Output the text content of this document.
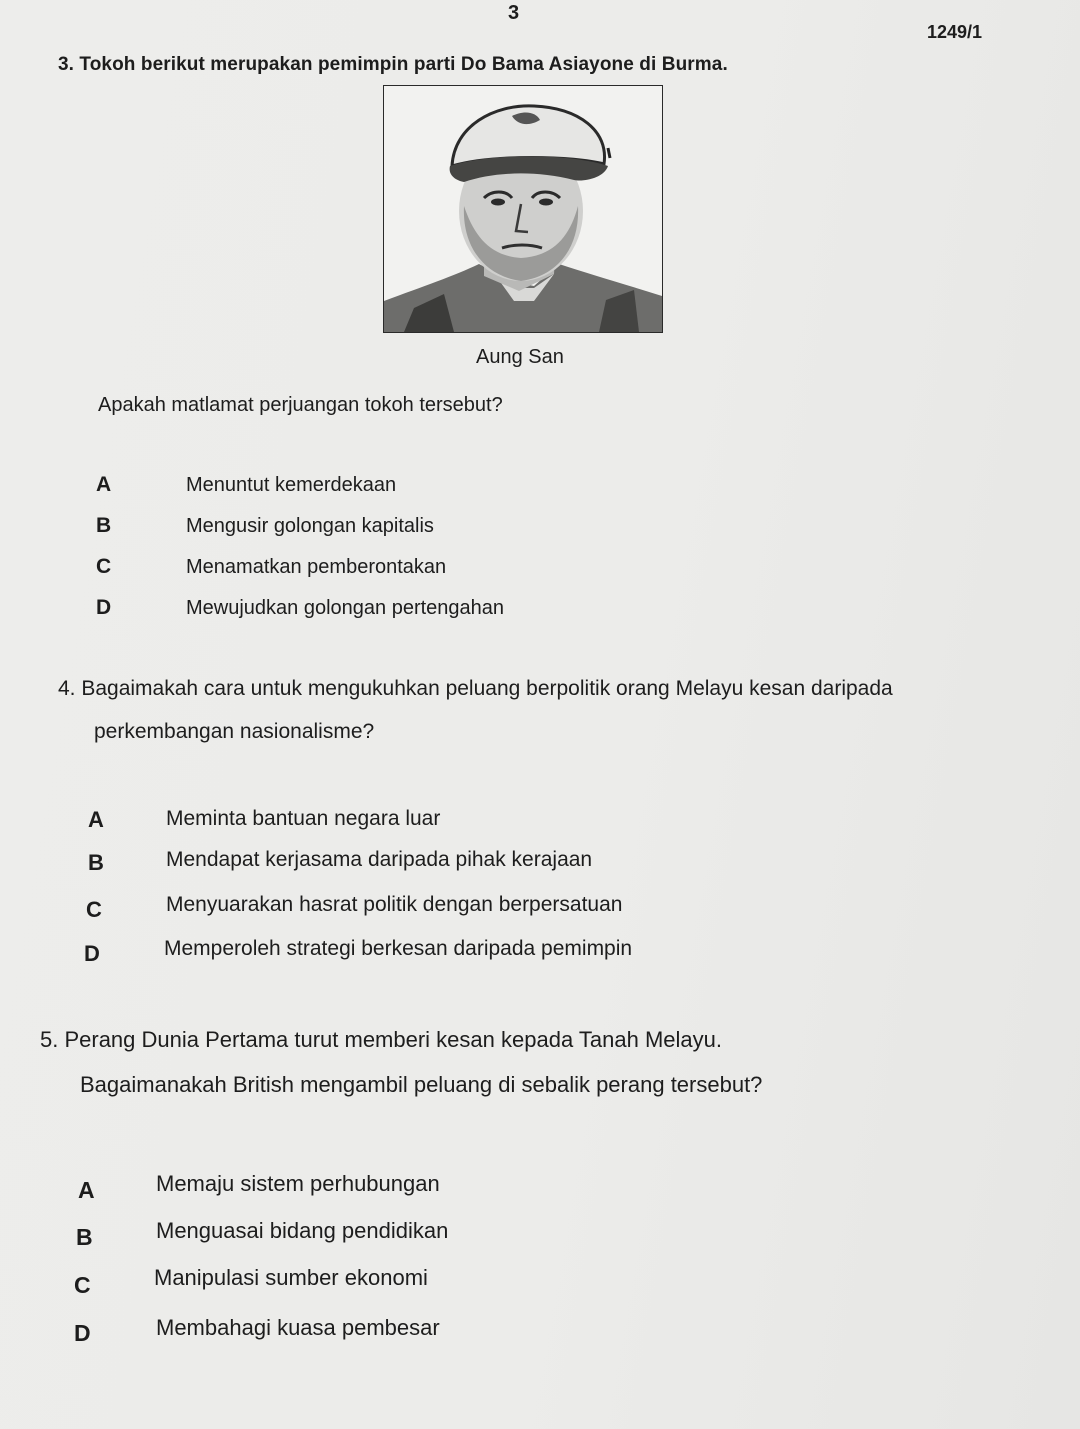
3
1249/1
3. Tokoh berikut merupakan pemimpin parti Do Bama Asiayone di Burma.
Aung San
Apakah matlamat perjuangan tokoh tersebut?
A	Menuntut kemerdekaan
B	Mengusir golongan kapitalis
C	Menamatkan pemberontakan
D	Mewujudkan golongan pertengahan
4. Bagaimakah cara untuk mengukuhkan peluang berpolitik orang Melayu kesan daripada
perkembangan nasionalisme?
A	Meminta bantuan negara luar
B	Mendapat kerjasama daripada pihak kerajaan
C	Menyuarakan hasrat politik dengan berpersatuan
D	Memperoleh strategi berkesan daripada pemimpin
5. Perang Dunia Pertama turut memberi kesan kepada Tanah Melayu.
Bagaimanakah British mengambil peluang di sebalik perang tersebut?
A	Memaju sistem perhubungan
B	Menguasai bidang pendidikan
C	Manipulasi sumber ekonomi
D	Membahagi kuasa pembesar
